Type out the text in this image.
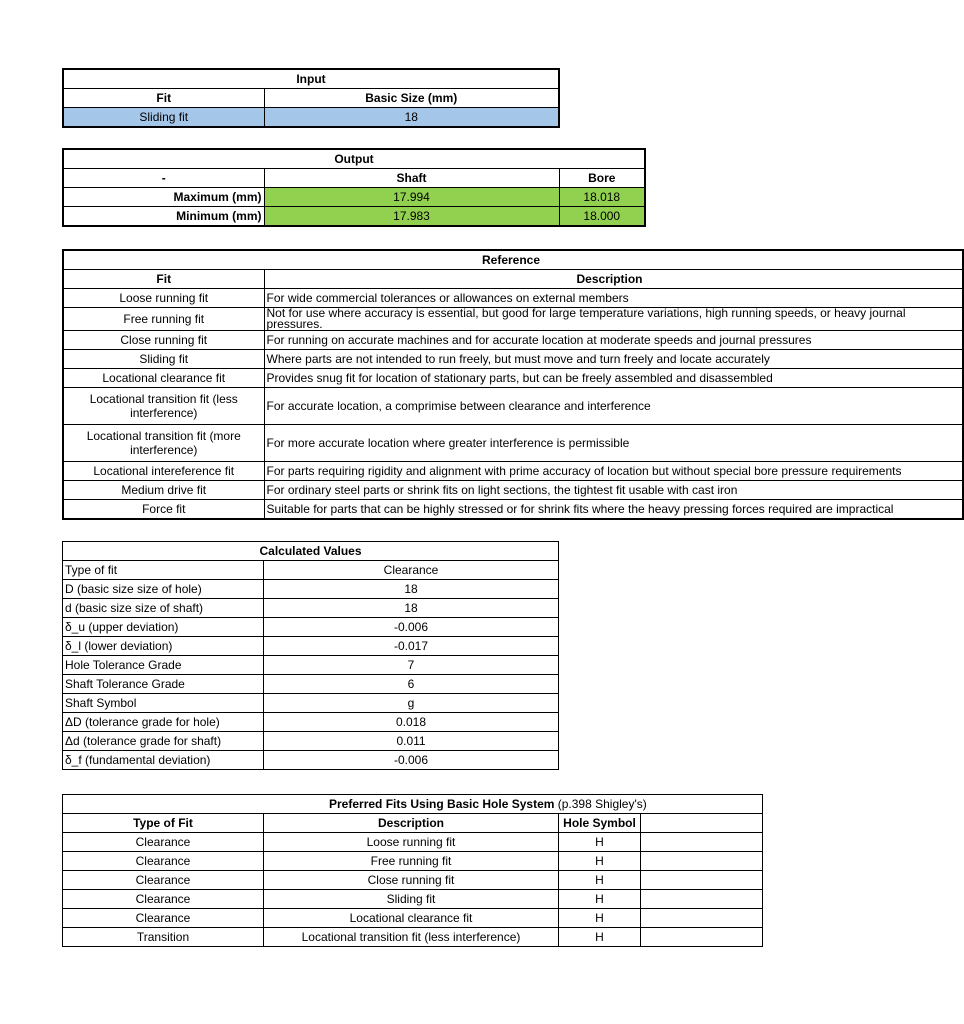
Input	
Fit	Basic Size (mm)
Sliding fit	18
Output		
-	Shaft	Bore
Maximum (mm)	17.994	18.018
Minimum (mm)	17.983	18.000
Reference	
Fit	Description
Loose running fit	For wide commercial tolerances or allowances on external members
Free running fit	Not for use where accuracy is essential, but good for large temperature variations, high running speeds, or heavy journal pressures.
Close running fit	For running on accurate machines and for accurate location at moderate speeds and journal pressures
Sliding fit	Where parts are not intended to run freely, but must move and turn freely and locate accurately
Locational clearance fit	Provides snug fit for location of stationary parts, but can be freely assembled and disassembled
Locational transition fit (less interference)	For accurate location, a comprimise between clearance and interference
Locational transition fit (more interference)	For more accurate location where greater interference is permissible
Locational intereference fit	For parts requiring rigidity and alignment with prime accuracy of location but without special bore pressure requirements
Medium drive fit	For ordinary steel parts or shrink fits on light sections, the tightest fit usable with cast iron
Force fit	Suitable for parts that can be highly stressed or for shrink fits where the heavy pressing forces required are impractical
Calculated Values	
Type of fit	Clearance
D (basic size size of hole)	18
d (basic size size of shaft)	18
δ_u (upper deviation)	-0.006
δ_l (lower deviation)	-0.017
Hole Tolerance Grade	7
Shaft Tolerance Grade	6
Shaft Symbol	g
ΔD (tolerance grade for hole)	0.018
Δd (tolerance grade for shaft)	0.011
δ_f (fundamental deviation)	-0.006
Preferred Fits Using Basic Hole System (p.398 Shigley's)			
Type of Fit	Description	Hole Symbol	
Clearance	Loose running fit	H	
Clearance	Free running fit	H	
Clearance	Close running fit	H	
Clearance	Sliding fit	H	
Clearance	Locational clearance fit	H	
Transition	Locational transition fit (less interference)	H	
